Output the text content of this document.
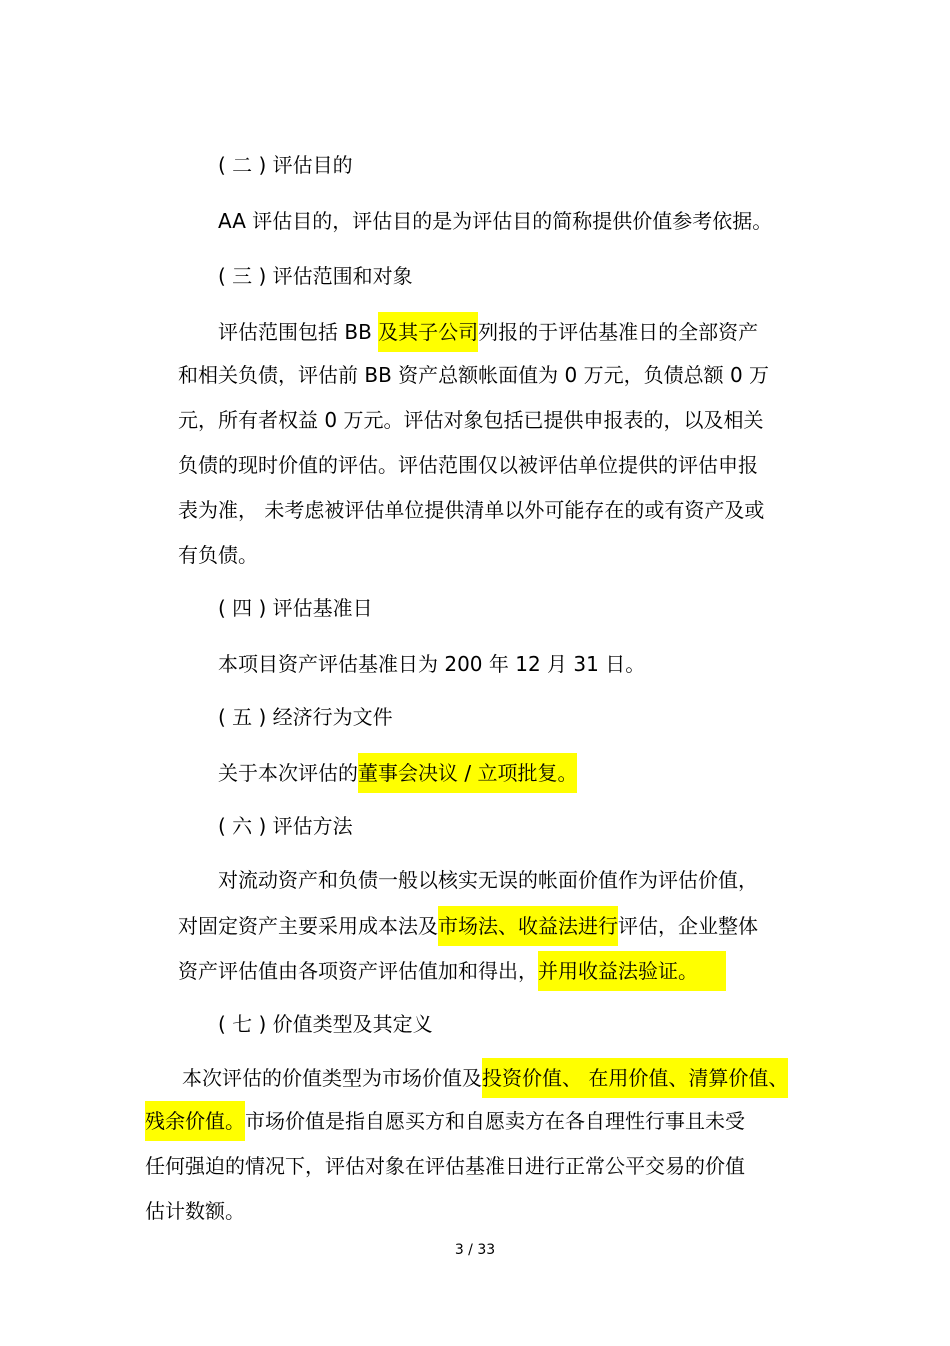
( 二 ) 评估目的
AA 评估目的，评估目的是为评估目的简称提供价值参考依据。
( 三 ) 评估范围和对象
评估范围包括 BB 及其子公司列报的于评估基准日的全部资产
和相关负债，评估前 BB 资产总额帐面值为 0 万元，负债总额 0 万
元，所有者权益 0 万元。评估对象包括已提供申报表的，以及相关
负债的现时价值的评估。评估范围仅以被评估单位提供的评估申报
表为准， 未考虑被评估单位提供清单以外可能存在的或有资产及或
有负债。
( 四 ) 评估基准日
本项目资产评估基准日为 200 年 12 月 31 日。
( 五 ) 经济行为文件
关于本次评估的董事会决议 / 立项批复。
( 六 ) 评估方法
对流动资产和负债一般以核实无误的帐面价值作为评估价值，
对固定资产主要采用成本法及市场法、收益法进行评估，企业整体
资产评估值由各项资产评估值加和得出，并用收益法验证。
( 七 ) 价值类型及其定义
本次评估的价值类型为市场价值及投资价值、 在用价值、清算价值、
残余价值。市场价值是指自愿买方和自愿卖方在各自理性行事且未受
任何强迫的情况下，评估对象在评估基准日进行正常公平交易的价值
估计数额。
3 / 33
